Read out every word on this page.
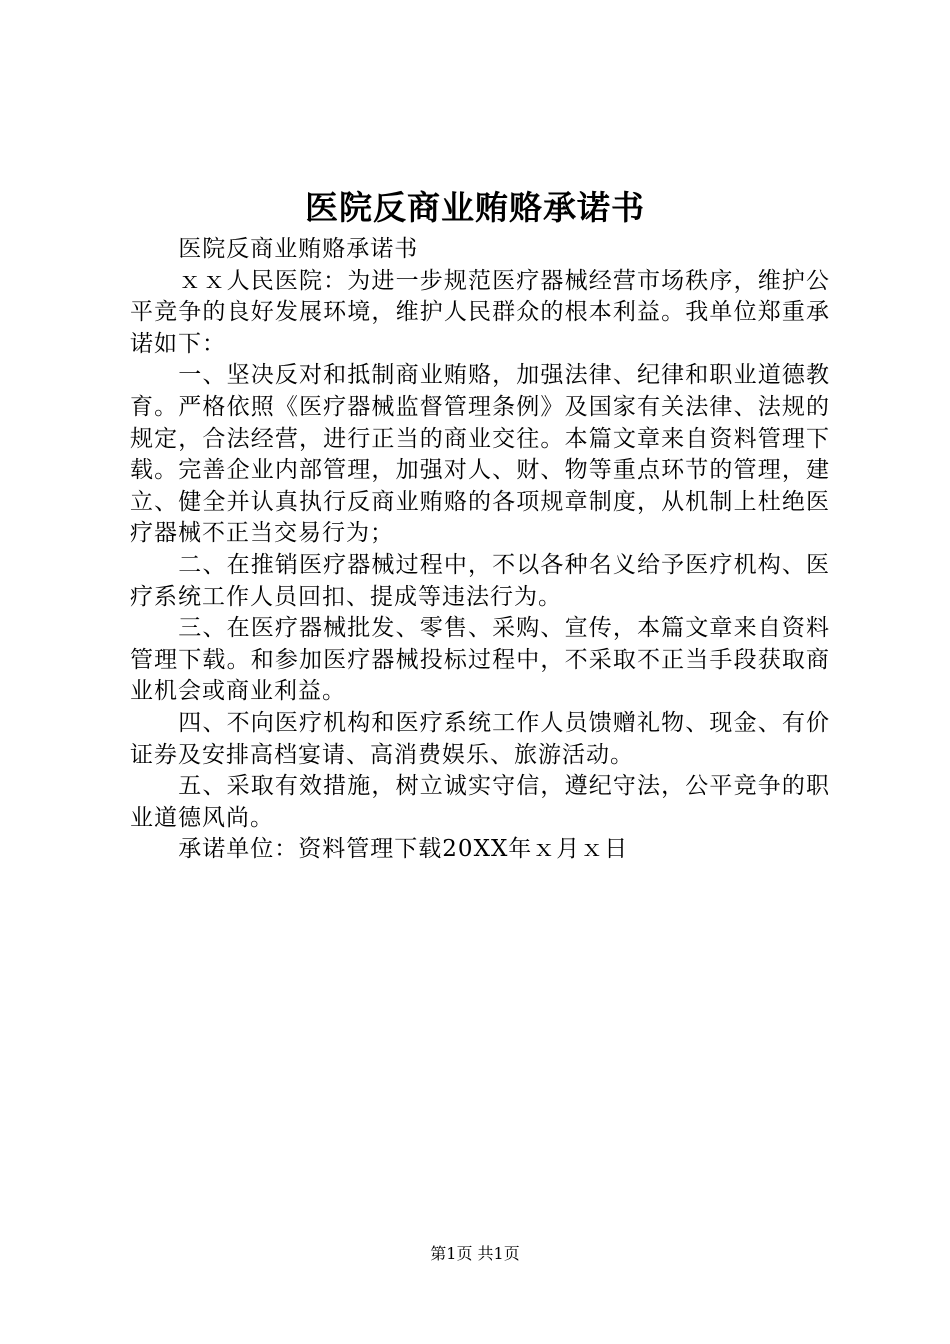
医院反商业贿赂承诺书

医院反商业贿赂承诺书

ｘｘ人民医院：为进一步规范医疗器械经营市场秩序，维护公平竞争的良好发展环境，维护人民群众的根本利益。我单位郑重承诺如下：

一、坚决反对和抵制商业贿赂，加强法律、纪律和职业道德教育。严格依照《医疗器械监督管理条例》及国家有关法律、法规的规定，合法经营，进行正当的商业交往。本篇文章来自资料管理下载。完善企业内部管理，加强对人、财、物等重点环节的管理，建立、健全并认真执行反商业贿赂的各项规章制度，从机制上杜绝医疗器械不正当交易行为；

二、在推销医疗器械过程中，不以各种名义给予医疗机构、医疗系统工作人员回扣、提成等违法行为。

三、在医疗器械批发、零售、采购、宣传，本篇文章来自资料管理下载。和参加医疗器械投标过程中，不采取不正当手段获取商业机会或商业利益。

四、不向医疗机构和医疗系统工作人员馈赠礼物、现金、有价证券及安排高档宴请、高消费娱乐、旅游活动。

五、采取有效措施，树立诚实守信，遵纪守法，公平竞争的职业道德风尚。

承诺单位：资料管理下载20XX年ｘ月ｘ日

第1页 共1页
